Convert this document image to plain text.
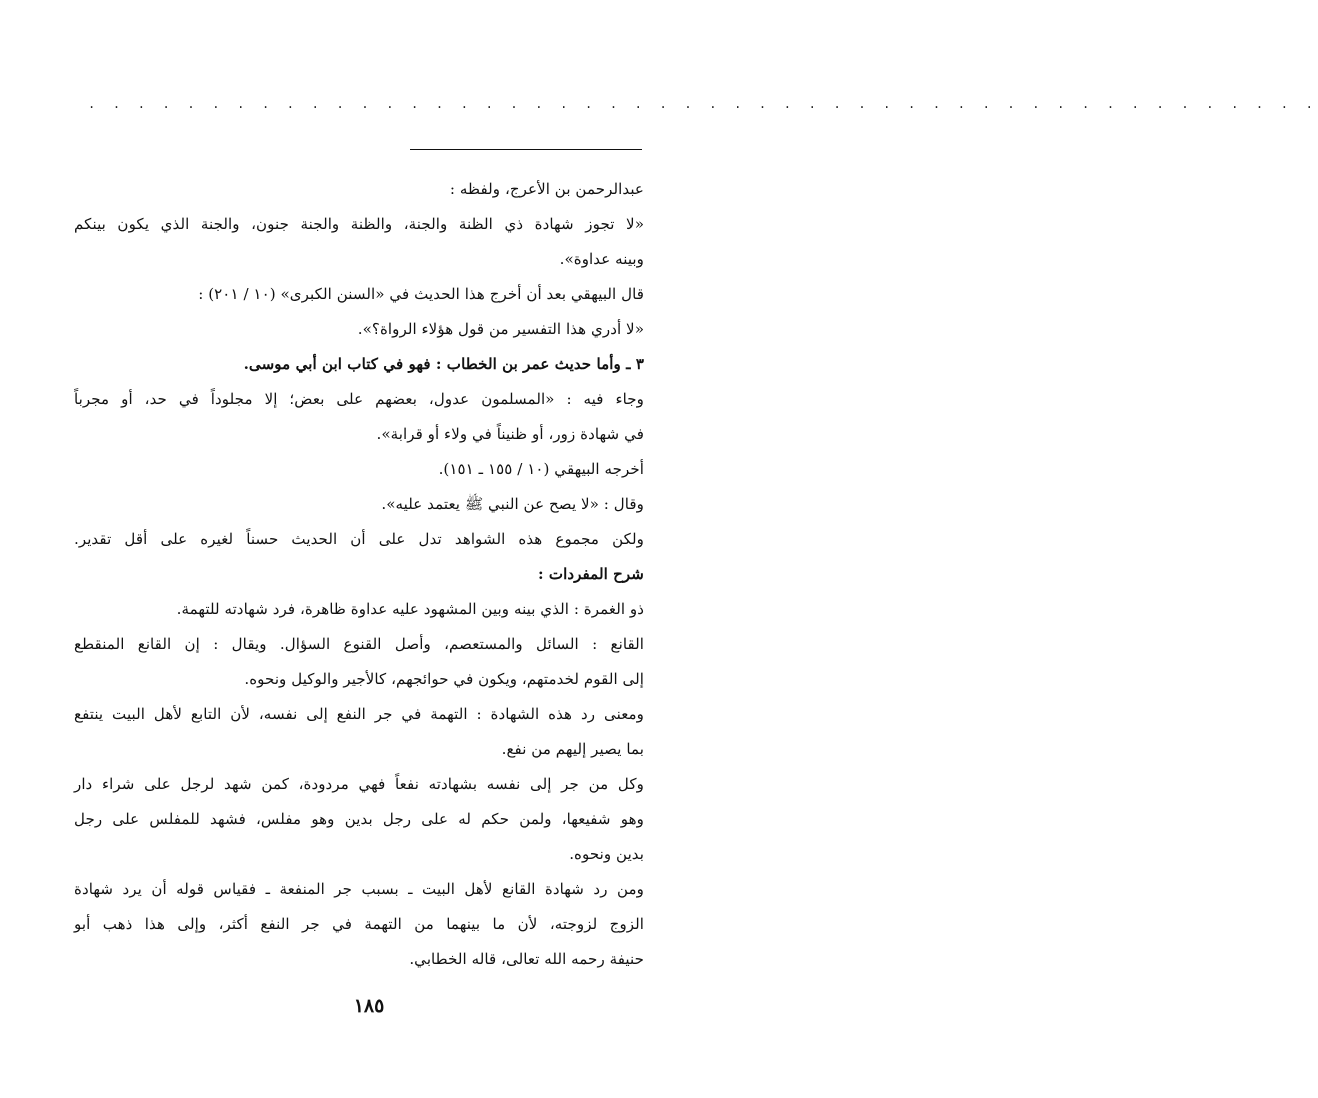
. . . . . . . . . . . . . . . . . . . . . . . . . . . . . . . . . . . . . . . . . . . . . . . . . .
عبدالرحمن بن الأعرج، ولفظه :
«لا تجوز شهادة ذي الظنة والجنة، والظنة والجنة جنون، والجنة الذي يكون بينكم
وبينه عداوة».
قال البيهقي بعد أن أخرج هذا الحديث في «السنن الكبرى» (١٠ / ٢٠١) :
«لا أدري هذا التفسير من قول هؤلاء الرواة؟».
٣ ـ وأما حديث عمر بن الخطاب : فهو في كتاب ابن أبي موسى.
وجاء فيه : «المسلمون عدول، بعضهم على بعض؛ إلا مجلوداً في حد، أو مجرباً
في شهادة زور، أو ظنيناً في ولاء أو قرابة».
أخرجه البيهقي (١٠ / ١٥٥ ـ ١٥١).
وقال : «لا يصح عن النبي ﷺ يعتمد عليه».
ولكن مجموع هذه الشواهد تدل على أن الحديث حسناً لغيره على أقل تقدير.
شرح المفردات :
ذو الغمرة : الذي بينه وبين المشهود عليه عداوة ظاهرة، فرد شهادته للتهمة.
القانع : السائل والمستعصم، وأصل القنوع السؤال. ويقال : إن القانع المنقطع
إلى القوم لخدمتهم، ويكون في حوائجهم، كالأجير والوكيل ونحوه.
ومعنى رد هذه الشهادة : التهمة في جر النفع إلى نفسه، لأن التابع لأهل البيت ينتفع
بما يصير إليهم من نفع.
وكل من جر إلى نفسه بشهادته نفعاً فهي مردودة، كمن شهد لرجل على شراء دار
وهو شفيعها، ولمن حكم له على رجل بدين وهو مفلس، فشهد للمفلس على رجل
بدين ونحوه.
ومن رد شهادة القانع لأهل البيت ـ بسبب جر المنفعة ـ فقياس قوله أن يرد شهادة
الزوج لزوجته، لأن ما بينهما من التهمة في جر النفع أكثر، وإلى هذا ذهب أبو
حنيفة رحمه الله تعالى، قاله الخطابي.
١٨٥
